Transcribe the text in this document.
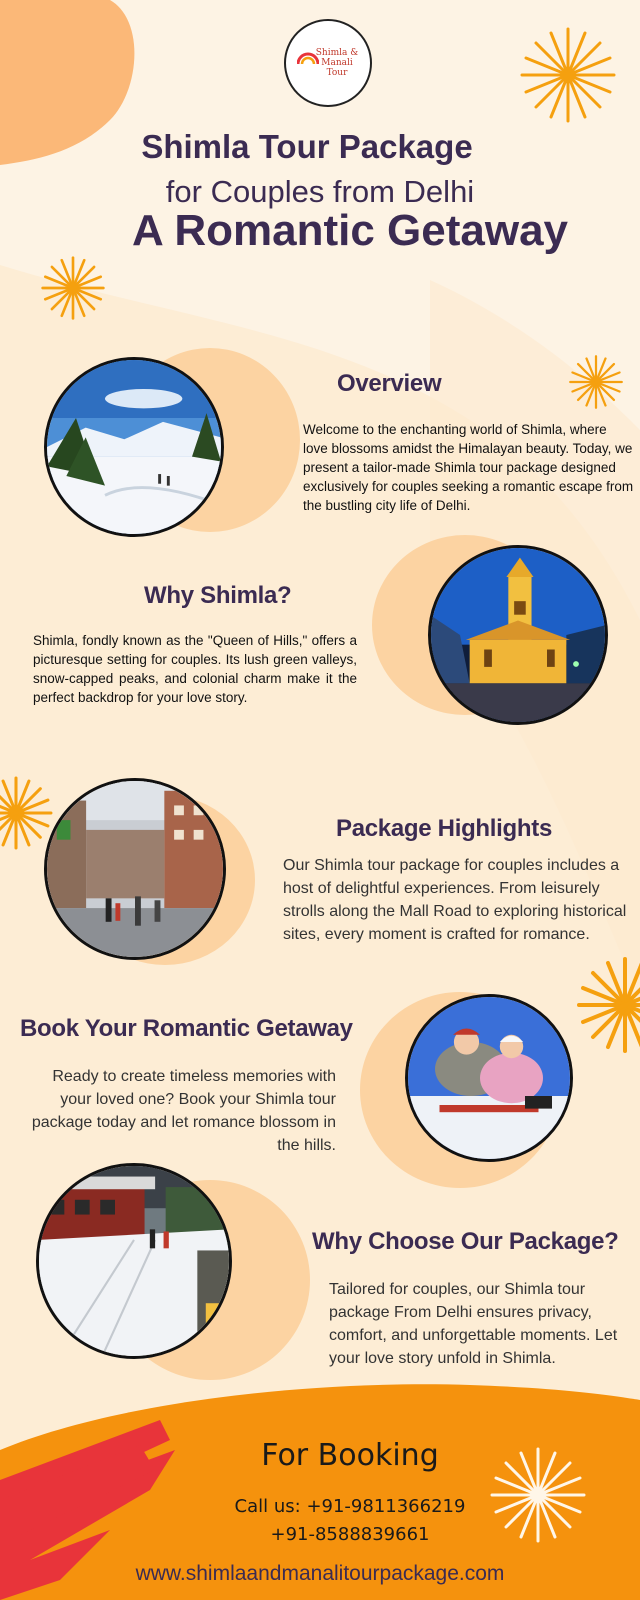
Shimla &
Manali Tour
Shimla Tour Package
for Couples from Delhi
A Romantic Getaway
Overview
Welcome to the enchanting world of Shimla, where love blossoms amidst the Himalayan beauty. Today, we present a tailor-made Shimla tour package designed exclusively for couples seeking a romantic escape from the bustling city life of Delhi.
Why Shimla?
Shimla, fondly known as the "Queen of Hills," offers a picturesque setting for couples. Its lush green valleys, snow-capped peaks, and colonial charm make it the perfect backdrop for your love story.
Package Highlights
Our Shimla tour package for couples includes a host of delightful experiences. From leisurely strolls along the Mall Road to exploring historical sites, every moment is crafted for romance.
Book Your Romantic Getaway
Ready to create timeless memories with your loved one? Book your Shimla tour package today and let romance blossom in the hills.
Why Choose Our Package?
Tailored for couples, our Shimla tour package From Delhi ensures privacy, comfort, and unforgettable moments. Let your love story unfold in Shimla.
For Booking
Call us: +91-9811366219
+91-8588839661
www.shimlaandmanalitourpackage.com
